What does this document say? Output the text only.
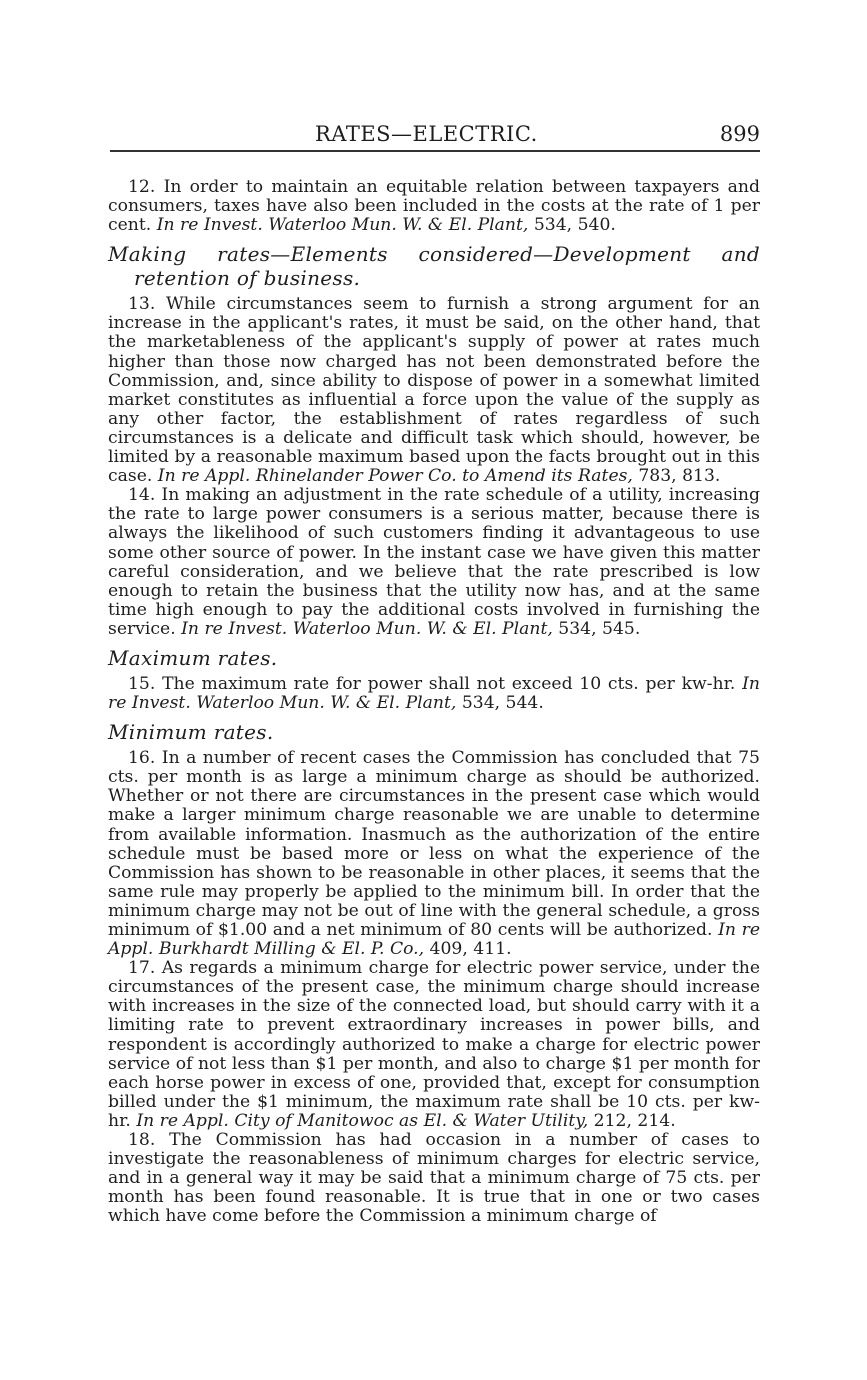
RATES—ELECTRIC.	899

12. In order to maintain an equitable relation between taxpayers and consumers, taxes have also been included in the costs at the rate of 1 per cent. In re Invest. Waterloo Mun. W. & El. Plant, 534, 540.

Making rates—Elements considered—Development and retention of business.

13. While circumstances seem to furnish a strong argument for an increase in the applicant's rates, it must be said, on the other hand, that the marketableness of the applicant's supply of power at rates much higher than those now charged has not been demonstrated before the Commission, and, since ability to dispose of power in a somewhat limited market constitutes as influential a force upon the value of the supply as any other factor, the establishment of rates regardless of such circumstances is a delicate and difficult task which should, however, be limited by a reasonable maximum based upon the facts brought out in this case. In re Appl. Rhinelander Power Co. to Amend its Rates, 783, 813.

14. In making an adjustment in the rate schedule of a utility, increasing the rate to large power consumers is a serious matter, because there is always the likelihood of such customers finding it advantageous to use some other source of power. In the instant case we have given this matter careful consideration, and we believe that the rate prescribed is low enough to retain the business that the utility now has, and at the same time high enough to pay the additional costs involved in furnishing the service. In re Invest. Waterloo Mun. W. & El. Plant, 534, 545.

Maximum rates.

15. The maximum rate for power shall not exceed 10 cts. per kw-hr. In re Invest. Waterloo Mun. W. & El. Plant, 534, 544.

Minimum rates.

16. In a number of recent cases the Commission has concluded that 75 cts. per month is as large a minimum charge as should be authorized. Whether or not there are circumstances in the present case which would make a larger minimum charge reasonable we are unable to determine from available information. Inasmuch as the authorization of the entire schedule must be based more or less on what the experience of the Commission has shown to be reasonable in other places, it seems that the same rule may properly be applied to the minimum bill. In order that the minimum charge may not be out of line with the general schedule, a gross minimum of $1.00 and a net minimum of 80 cents will be authorized. In re Appl. Burkhardt Milling & El. P. Co., 409, 411.

17. As regards a minimum charge for electric power service, under the circumstances of the present case, the minimum charge should increase with increases in the size of the connected load, but should carry with it a limiting rate to prevent extraordinary increases in power bills, and respondent is accordingly authorized to make a charge for electric power service of not less than $1 per month, and also to charge $1 per month for each horse power in excess of one, provided that, except for consumption billed under the $1 minimum, the maximum rate shall be 10 cts. per kw-hr. In re Appl. City of Manitowoc as El. & Water Utility, 212, 214.

18. The Commission has had occasion in a number of cases to investigate the reasonableness of minimum charges for electric service, and in a general way it may be said that a minimum charge of 75 cts. per month has been found reasonable. It is true that in one or two cases which have come before the Commission a minimum charge of
